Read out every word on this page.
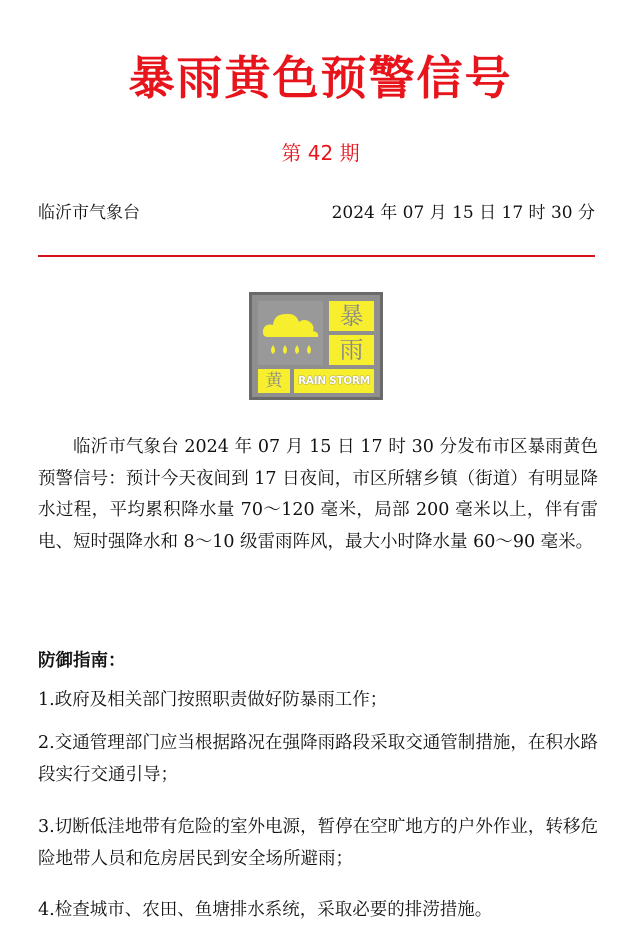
暴雨黄色预警信号
第 42 期
临沂市气象台	2024 年 07 月 15 日 17 时 30 分
暴
雨
黄	RAIN STORM
临沂市气象台 2024 年 07 月 15 日 17 时 30 分发布市区暴雨黄色预警信号：预计今天夜间到 17 日夜间，市区所辖乡镇（街道）有明显降水过程，平均累积降水量 70～120 毫米，局部 200 毫米以上，伴有雷电、短时强降水和 8～10 级雷雨阵风，最大小时降水量 60～90 毫米。
防御指南：
1.政府及相关部门按照职责做好防暴雨工作；
2.交通管理部门应当根据路况在强降雨路段采取交通管制措施，在积水路段实行交通引导；
3.切断低洼地带有危险的室外电源，暂停在空旷地方的户外作业，转移危险地带人员和危房居民到安全场所避雨；
4.检查城市、农田、鱼塘排水系统，采取必要的排涝措施。
